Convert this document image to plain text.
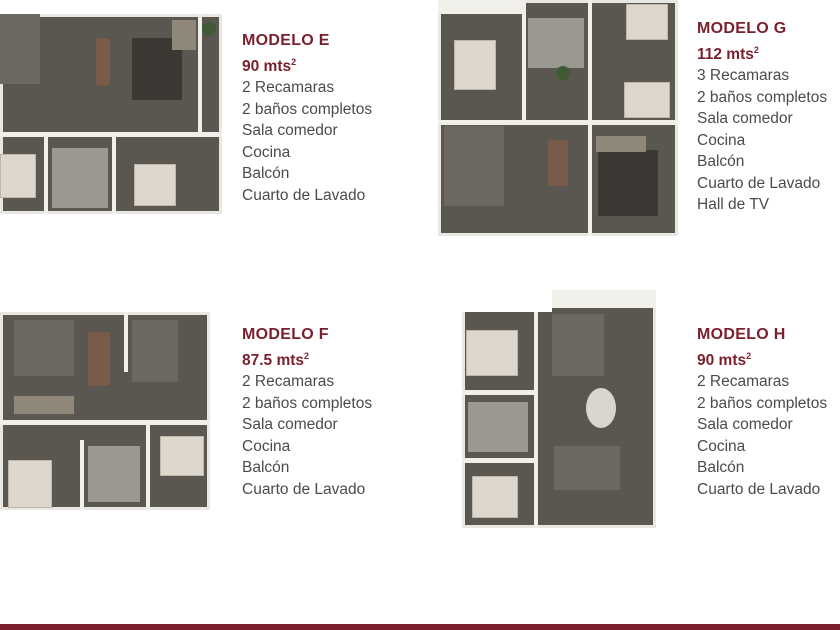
MODELO E
90 mts$^2$
2 Recamaras
2 baños completos
Sala comedor
Cocina
Balcón
Cuarto de Lavado
MODELO G
112 mts$^2$
3 Recamaras
2 baños completos
Sala comedor
Cocina
Balcón
Cuarto de Lavado
Hall de TV
MODELO F
87.5 mts$^2$
2 Recamaras
2 baños completos
Sala comedor
Cocina
Balcón
Cuarto de Lavado
MODELO H
90 mts$^2$
2 Recamaras
2 baños completos
Sala comedor
Cocina
Balcón
Cuarto de Lavado
